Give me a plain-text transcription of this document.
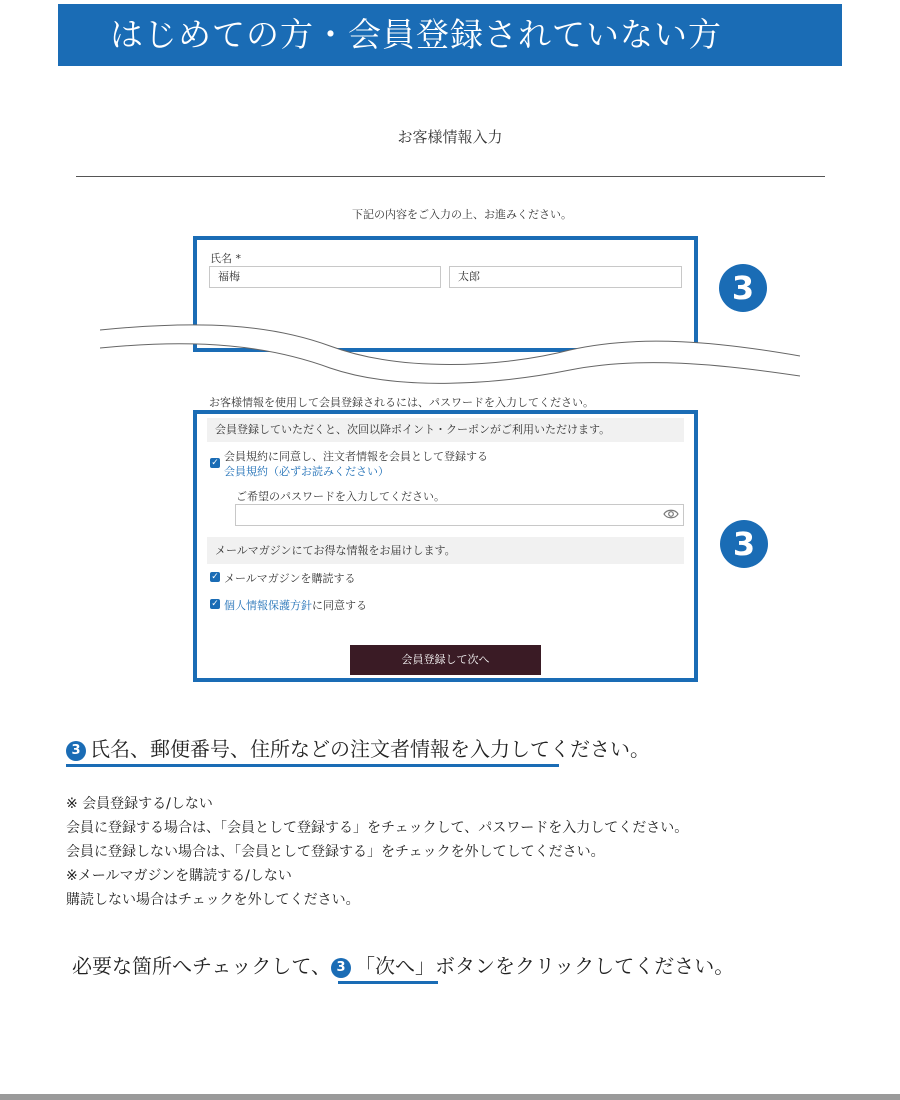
はじめての方・会員登録されていない方
お客様情報入力
下記の内容をご入力の上、お進みください。
氏名 *
福梅	太郎	3
お客様情報を使用して会員登録されるには、パスワードを入力してください。
会員登録していただくと、次回以降ポイント・クーポンがご利用いただけます。
✓ 会員規約に同意し、注文者情報を会員として登録する
会員規約（必ずお読みください）
ご希望のパスワードを入力してください。
メールマガジンにてお得な情報をお届けします。
✓ メールマガジンを購読する
✓ 個人情報保護方針に同意する
会員登録して次へ
3
3 氏名、郵便番号、住所などの注文者情報を入力してください。
※ 会員登録する/しない
会員に登録する場合は、「会員として登録する」をチェックして、パスワードを入力してください。
会員に登録しない場合は、「会員として登録する」をチェックを外してしてください。
※メールマガジンを購読する/しない
購読しない場合はチェックを外してください。
必要な箇所へチェックして、 3 「次へ」ボタンをクリックしてください。
